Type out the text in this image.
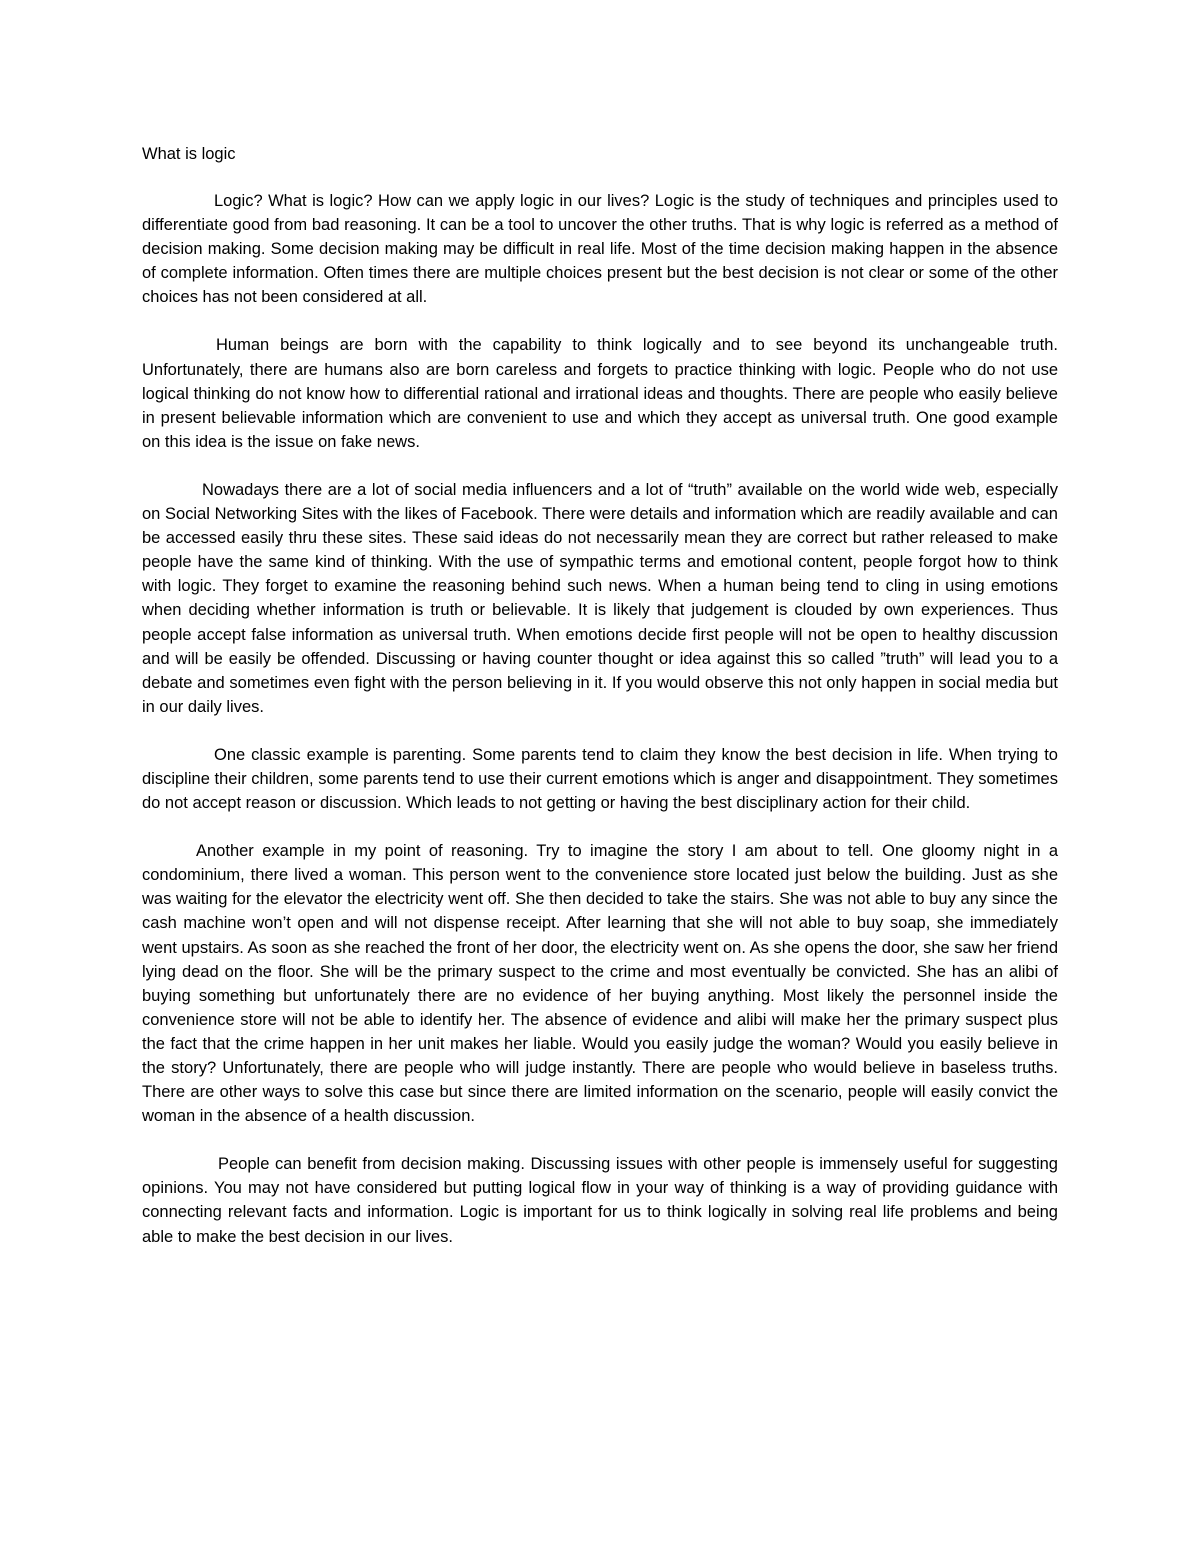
What is logic

Logic? What is logic? How can we apply logic in our lives? Logic is the study of techniques and principles used to differentiate good from bad reasoning. It can be a tool to uncover the other truths. That is why logic is referred as a method of decision making. Some decision making may be difficult in real life. Most of the time decision making happen in the absence of complete information. Often times there are multiple choices present but the best decision is not clear or some of the other choices has not been considered at all.

Human beings are born with the capability to think logically and to see beyond its unchangeable truth. Unfortunately, there are humans also are born careless and forgets to practice thinking with logic. People who do not use logical thinking do not know how to differential rational and irrational ideas and thoughts. There are people who easily believe in present believable information which are convenient to use and which they accept as universal truth. One good example on this idea is the issue on fake news.

Nowadays there are a lot of social media influencers and a lot of “truth” available on the world wide web, especially on Social Networking Sites with the likes of Facebook. There were details and information which are readily available and can be accessed easily thru these sites. These said ideas do not necessarily mean they are correct but rather released to make people have the same kind of thinking. With the use of sympathic terms and emotional content, people forgot how to think with logic. They forget to examine the reasoning behind such news. When a human being tend to cling in using emotions when deciding whether information is truth or believable. It is likely that judgement is clouded by own experiences. Thus people accept false information as universal truth. When emotions decide first people will not be open to healthy discussion and will be easily be offended. Discussing or having counter thought or idea against this so called ”truth” will lead you to a debate and sometimes even fight with the person believing in it. If you would observe this not only happen in social media but in our daily lives.

One classic example is parenting. Some parents tend to claim they know the best decision in life. When trying to discipline their children, some parents tend to use their current emotions which is anger and disappointment. They sometimes do not accept reason or discussion. Which leads to not getting or having the best disciplinary action for their child.

Another example in my point of reasoning. Try to imagine the story I am about to tell. One gloomy night in a condominium, there lived a woman. This person went to the convenience store located just below the building. Just as she was waiting for the elevator the electricity went off. She then decided to take the stairs. She was not able to buy any since the cash machine won’t open and will not dispense receipt. After learning that she will not able to buy soap, she immediately went upstairs. As soon as she reached the front of her door, the electricity went on. As she opens the door, she saw her friend lying dead on the floor. She will be the primary suspect to the crime and most eventually be convicted. She has an alibi of buying something but unfortunately there are no evidence of her buying anything. Most likely the personnel inside the convenience store will not be able to identify her. The absence of evidence and alibi will make her the primary suspect plus the fact that the crime happen in her unit makes her liable. Would you easily judge the woman? Would you easily believe in the story? Unfortunately, there are people who will judge instantly. There are people who would believe in baseless truths. There are other ways to solve this case but since there are limited information on the scenario, people will easily convict the woman in the absence of a health discussion.

People can benefit from decision making. Discussing issues with other people is immensely useful for suggesting opinions. You may not have considered but putting logical flow in your way of thinking is a way of providing guidance with connecting relevant facts and information. Logic is important for us to think logically in solving real life problems and being able to make the best decision in our lives.
